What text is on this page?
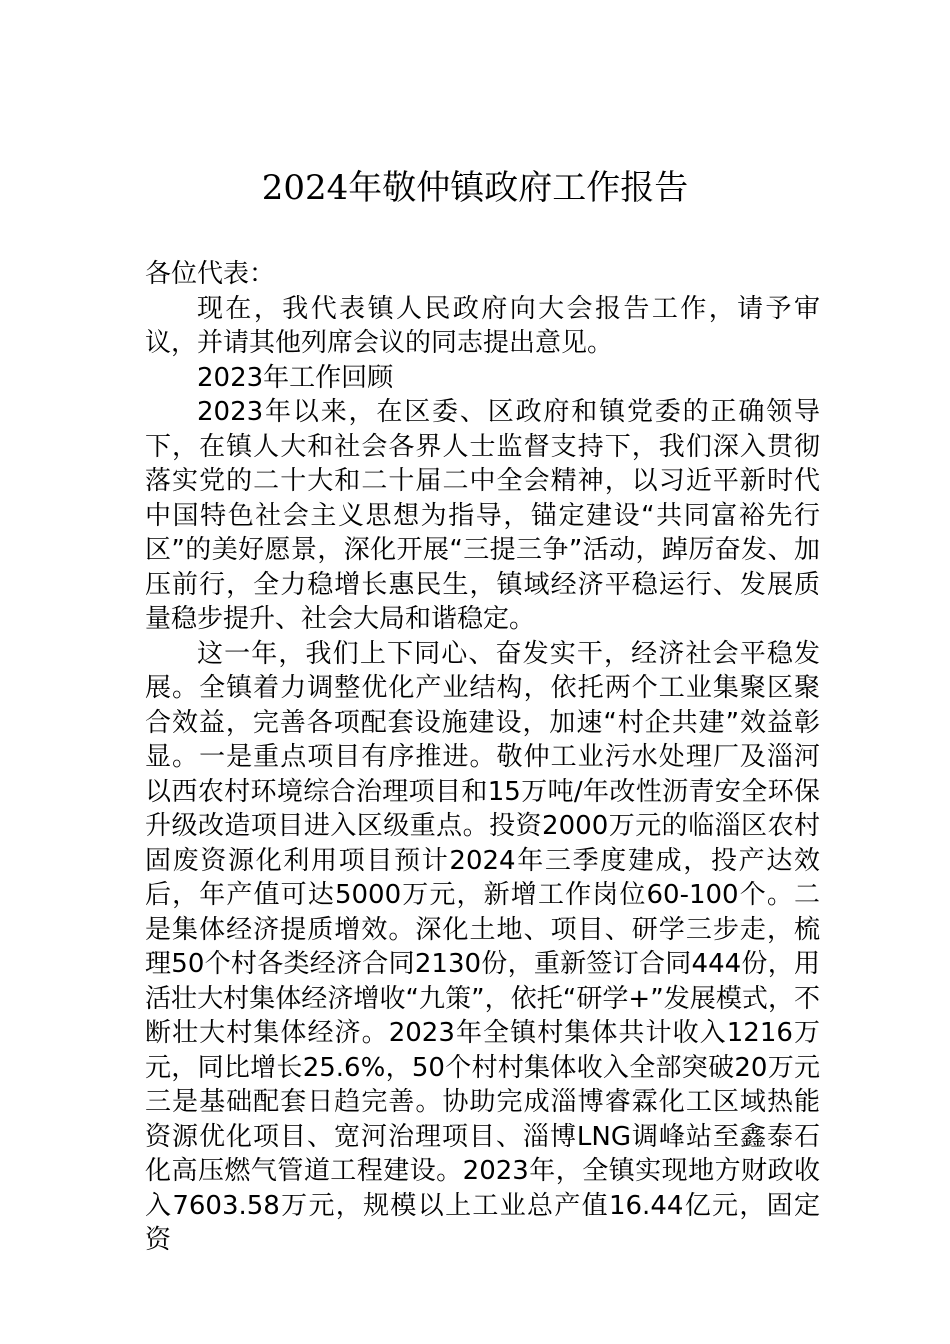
2024年敬仲镇政府工作报告

各位代表：

现在，我代表镇人民政府向大会报告工作，请予审议，并请其他列席会议的同志提出意见。

2023年工作回顾

2023年以来，在区委、区政府和镇党委的正确领导下，在镇人大和社会各界人士监督支持下，我们深入贯彻落实党的二十大和二十届二中全会精神，以习近平新时代中国特色社会主义思想为指导，锚定建设“共同富裕先行区”的美好愿景，深化开展“三提三争”活动，踔厉奋发、加压前行，全力稳增长惠民生，镇域经济平稳运行、发展质量稳步提升、社会大局和谐稳定。

这一年，我们上下同心、奋发实干，经济社会平稳发展。全镇着力调整优化产业结构，依托两个工业集聚区聚合效益，完善各项配套设施建设，加速“村企共建”效益彰显。一是重点项目有序推进。敬仲工业污水处理厂及淄河以西农村环境综合治理项目和15万吨/年改性沥青安全环保升级改造项目进入区级重点。投资2000万元的临淄区农村固废资源化利用项目预计2024年三季度建成，投产达效后，年产值可达5000万元，新增工作岗位60-100个。二是集体经济提质增效。深化土地、项目、研学三步走，梳理50个村各类经济合同2130份，重新签订合同444份，用活壮大村集体经济增收“九策”，依托“研学+”发展模式，不断壮大村集体经济。2023年全镇村集体共计收入1216万元，同比增长25.6%，50个村村集体收入全部突破20万元三是基础配套日趋完善。协助完成淄博睿霖化工区域热能资源优化项目、宽河治理项目、淄博LNG调峰站至鑫泰石化高压燃气管道工程建设。2023年，全镇实现地方财政收入7603.58万元，规模以上工业总产值16.44亿元，固定资
